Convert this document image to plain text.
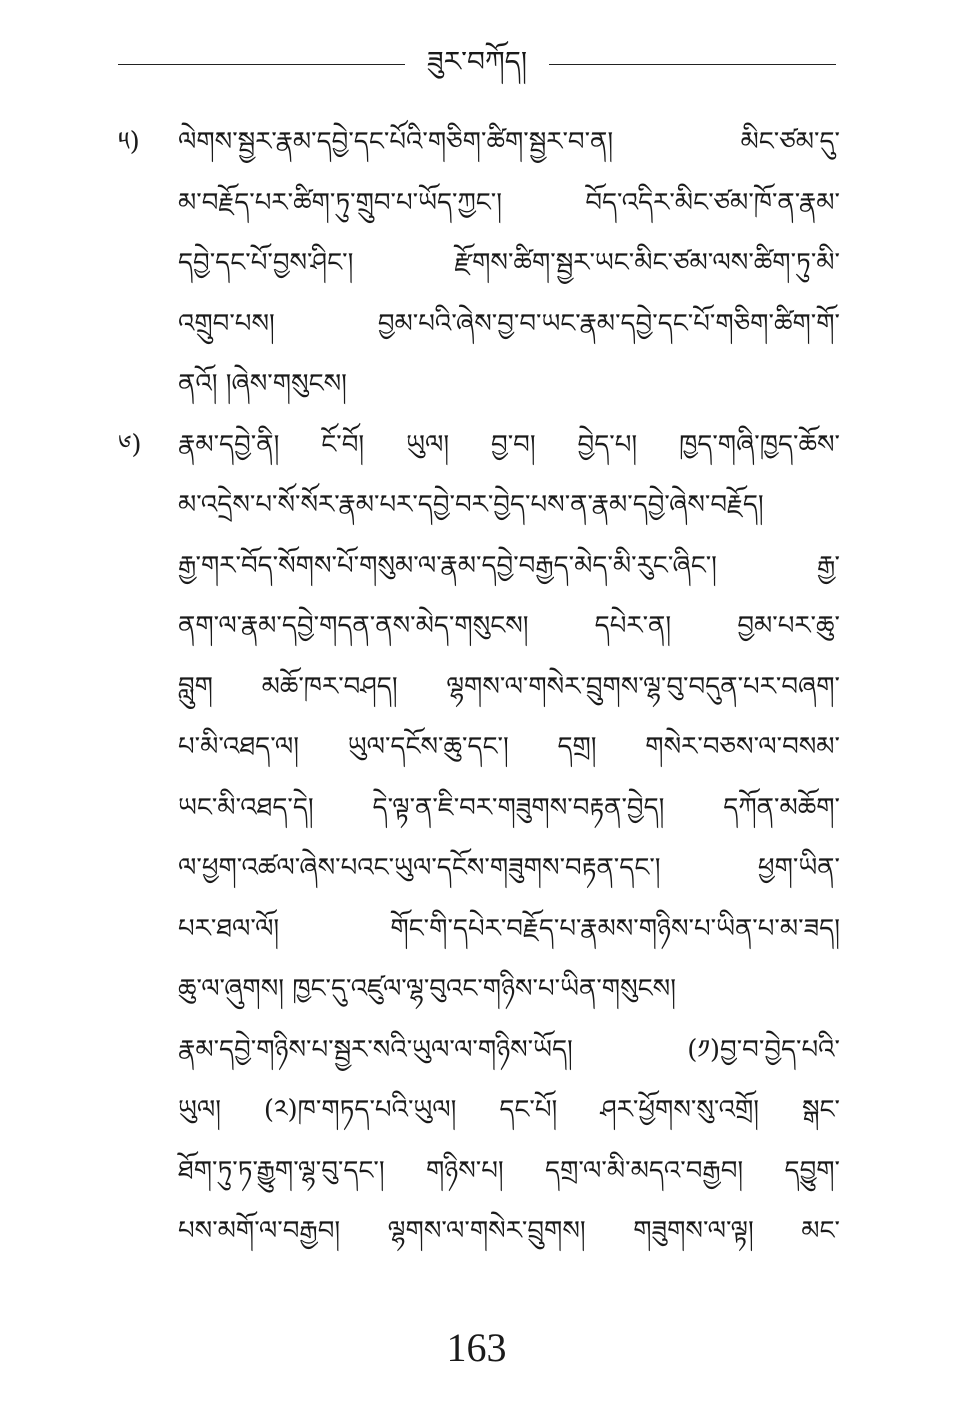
ཟུར་བཀོད།
༥)	ལེགས་སྦྱར་རྣམ་དབྱེ་དང་པོའི་གཅིག་ཚིག་སྦྱར་བ་ན། མིང་ཙམ་དུ་
མ་བརྗོད་པར་ཚིག་ཏུ་གྲུབ་པ་ཡོད་ཀྱང་། བོད་འདིར་མིང་ཙམ་ཁོ་ན་རྣམ་
དབྱེ་དང་པོ་བྱས་ཤིང་། རྫོགས་ཚིག་སྦྱར་ཡང་མིང་ཙམ་ལས་ཚིག་ཏུ་མི་
འགྲུབ་པས། བྱམ་པའི་ཞེས་བྱ་བ་ཡང་རྣམ་དབྱེ་དང་པོ་གཅིག་ཚིག་གོ་
ནའོ། །ཞེས་གསུངས།
༦)	རྣམ་དབྱེ་ནི། ངོ་བོ། ཡུལ། བྱ་བ། བྱེད་པ། ཁྱད་གཞི་ཁྱད་ཆོས་
མ་འདྲེས་པ་སོ་སོར་རྣམ་པར་དབྱེ་བར་བྱེད་པས་ན་རྣམ་དབྱེ་ཞེས་བརྗོད།
རྒྱ་གར་བོད་སོགས་པོ་གསུམ་ལ་རྣམ་དབྱེ་བརྒྱད་མེད་མི་རུང་ཞིང་། རྒྱ་
ནག་ལ་རྣམ་དབྱེ་གདན་ནས་མེད་གསུངས། དཔེར་ན། བྱམ་པར་ཆུ་
བླུག མཆོ་ཁར་བཤད། ལྷགས་ལ་གསེར་བྲུགས་ལྷ་བུ་བདུན་པར་བཞག་
པ་མི་འཐད་ལ། ཡུལ་དངོས་ཆུ་དང་། དགྲ། གསེར་བཅས་ལ་བསམ་
ཡང་མི་འཐད་དེ། དེ་ལྟ་ན་ཇི་བར་གཟུགས་བརྟན་བྱེད། དཀོན་མཆོག་
ལ་ཕྱག་འཚལ་ཞེས་པའང་ཡུལ་དངོས་གཟུགས་བརྟན་དང་། ཕྱག་ཡིན་
པར་ཐལ་ལོ། གོང་གི་དཔེར་བརྗོད་པ་རྣམས་གཉིས་པ་ཡིན་པ་མ་ཟད།
ཆུ་ལ་ཞུགས། ཁྱང་དུ་འཛུལ་ལྷ་བུའང་གཉིས་པ་ཡིན་གསུངས།
རྣམ་དབྱེ་གཉིས་པ་སྦྱར་སའི་ཡུལ་ལ་གཉིས་ཡོད། (༡)བྱ་བ་བྱེད་པའི་
ཡུལ། (༢)ཁ་གཏད་པའི་ཡུལ། དང་པོ། ཤར་ཕྱོགས་སུ་འགྲོ། སྒང་
ཐོག་ཏུ་ཏ་རྒྱུག་ལྷ་བུ་དང་། གཉིས་པ། དགྲ་ལ་མི་མདའ་བརྒྱབ། དབྱུག་
པས་མགོ་ལ་བརྒྱབ། ལྷགས་ལ་གསེར་བྲུགས། གཟུགས་ལ་ལྟ། མང་
163
